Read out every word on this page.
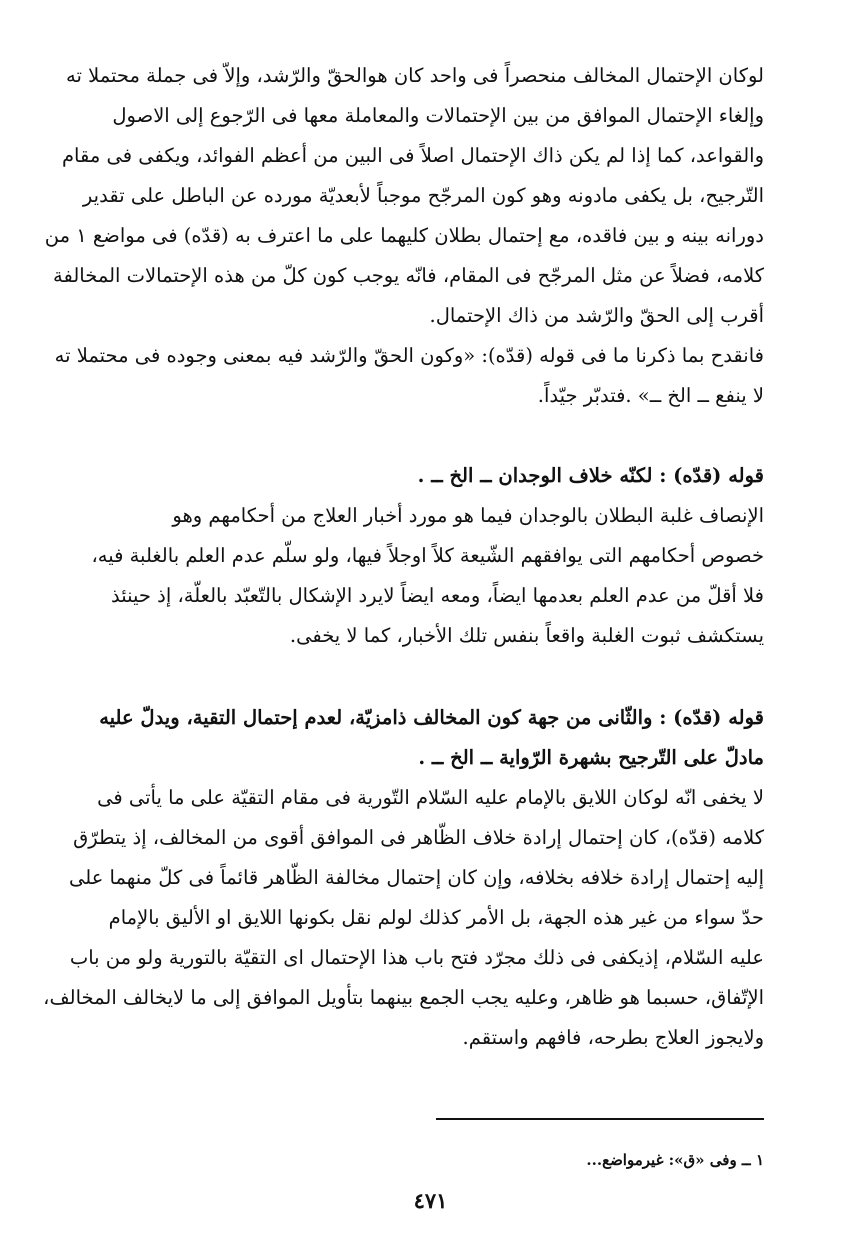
لوكان الإحتمال المخالف منحصراً فى واحد كان هوالحقّ والرّشد، وإلاّ فى جملة محتملا ته
وإلغاء الإحتمال الموافق من بين الإحتمالات والمعاملة معها فى الرّجوع إلى الاصول
والقواعد، كما إذا لم يكن ذاك الإحتمال اصلاً فى البين من أعظم الفوائد، ويكفى فى مقام
التّرجيح، بل يكفى مادونه وهو كون المرجّح موجباً لأبعديّة مورده عن الباطل على تقدير
دورانه بينه و بين فاقده، مع إحتمال بطلان كليهما على ما اعترف به (قدّه) فى مواضع ١ من
كلامه، فضلاً عن مثل المرجّح فى المقام، فانّه يوجب كون كلّ من هذه الإحتمالات المخالفة
أقرب إلى الحقّ والرّشد من ذاك الإحتمال.
فانقدح بما ذكرنا ما فى قوله (قدّه): «وكون الحقّ والرّشد فيه بمعنى وجوده فى محتملا ته
لا ينفع ــ الخ ــ» .فتدبّر جيّداً.
قوله (قدّه) : لكنّه خلاف الوجدان ــ الخ ــ .
الإنصاف غلبة البطلان بالوجدان فيما هو مورد أخبار العلاج من أحكامهم وهو
خصوص أحكامهم التى يوافقهم الشّيعة كلاً اوجلاً فيها، ولو سلّم عدم العلم بالغلبة فيه،
فلا أقلّ من عدم العلم بعدمها ايضاً، ومعه ايضاً لايرد الإشكال بالتّعبّد بالعلّة، إذ حينئذ
يستكشف ثبوت الغلبة واقعاً بنفس تلك الأخبار، كما لا يخفى.
قوله (قدّه) : والثّانى من جهة كون المخالف ذامزيّة، لعدم إحتمال التقية، ويدلّ عليه
مادلّ على التّرجيح بشهرة الرّواية ــ الخ ــ .
لا يخفى انّه لوكان اللايق بالإمام عليه السّلام التّورية فى مقام التقيّة على ما يأتى فى
كلامه (قدّه)، كان إحتمال إرادة خلاف الظّاهر فى الموافق أقوى من المخالف، إذ يتطرّق
إليه إحتمال إرادة خلافه بخلافه، وإن كان إحتمال مخالفة الظّاهر قائماً فى كلّ منهما على
حدّ سواء من غير هذه الجهة، بل الأمر كذلك لولم نقل بكونها اللايق او الأليق بالإمام
عليه السّلام، إذيكفى فى ذلك مجرّد فتح باب هذا الإحتمال اى التقيّة بالتورية ولو من باب
الإتّفاق، حسبما هو ظاهر، وعليه يجب الجمع بينهما بتأويل الموافق إلى ما لايخالف المخالف،
ولايجوز العلاج بطرحه، فافهم واستقم.
١ ــ وفى «ق»: غيرمواضع...
٤٧١
